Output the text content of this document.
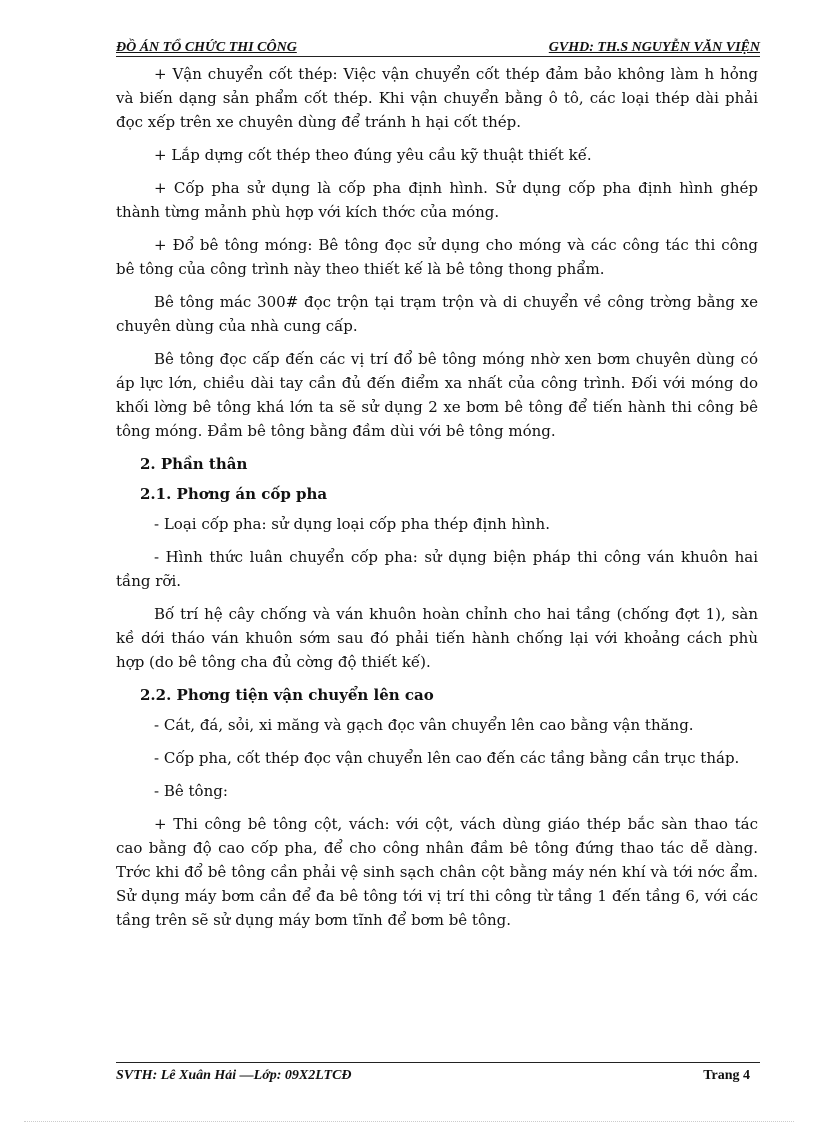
ĐỒ ÁN TỔ CHỨC THI CÔNG	GVHD: TH.S NGUYỄN VĂN VIỆN

+ Vận chuyển cốt thép: Việc vận chuyển cốt thép đảm bảo không làm h hỏng và biến dạng sản phẩm cốt thép. Khi vận chuyển bằng ô tô, các loại thép dài phải đọc xếp trên xe chuyên dùng để tránh h hại cốt thép.

+ Lắp dựng cốt thép theo đúng yêu cầu kỹ thuật thiết kế.

+ Cốp pha sử dụng là cốp pha định hình. Sử dụng cốp pha định hình ghép thành từng mảnh phù hợp với kích thớc của móng.

+ Đổ bê tông móng: Bê tông đọc sử dụng cho móng và các công tác thi công bê tông của công trình này theo thiết kế là bê tông thong phẩm.

Bê tông mác 300# đọc trộn tại trạm trộn và di chuyển về công trờng bằng xe chuyên dùng của nhà cung cấp.

Bê tông đọc cấp đến các vị trí đổ bê tông móng nhờ xen bơm chuyên dùng có áp lực lớn, chiều dài tay cần đủ đến điểm xa nhất của công trình. Đối với móng do khối lờng bê tông khá lớn ta sẽ sử dụng 2 xe bơm bê tông để tiến hành thi công bê tông móng. Đầm bê tông bằng đầm dùi với bê tông móng.

2. Phần thân
2.1. Phơng án cốp pha

- Loại cốp pha: sử dụng loại cốp pha thép định hình.

- Hình thức luân chuyển cốp pha: sử dụng biện pháp thi công ván khuôn hai tầng rỡi.

Bố trí hệ cây chống và ván khuôn hoàn chỉnh cho hai tầng (chống đợt 1), sàn kề dới tháo ván khuôn sớm sau đó phải tiến hành chống lại với khoảng cách phù hợp (do bê tông cha đủ cờng độ thiết kế).

2.2. Phơng tiện vận chuyển lên cao

- Cát, đá, sỏi, xi măng và gạch đọc vân chuyển lên cao bằng vận thăng.

- Cốp pha, cốt thép đọc vận chuyển lên cao đến các tầng bằng cần trục tháp.

- Bê tông:

+ Thi công bê tông cột, vách: với cột, vách dùng giáo thép bắc sàn thao tác cao bằng độ cao cốp pha, để cho công nhân đầm bê tông đứng thao tác dễ dàng. Trớc khi đổ bê tông cần phải vệ sinh sạch chân cột bằng máy nén khí và tới nớc ẩm. Sử dụng máy bơm cần để đa bê tông tới vị trí thi công từ tầng 1 đến tầng 6, với các tầng trên sẽ sử dụng máy bơm tĩnh để bơm bê tông.

SVTH: Lê Xuân Hải —Lớp: 09X2LTCĐ	Trang 4
